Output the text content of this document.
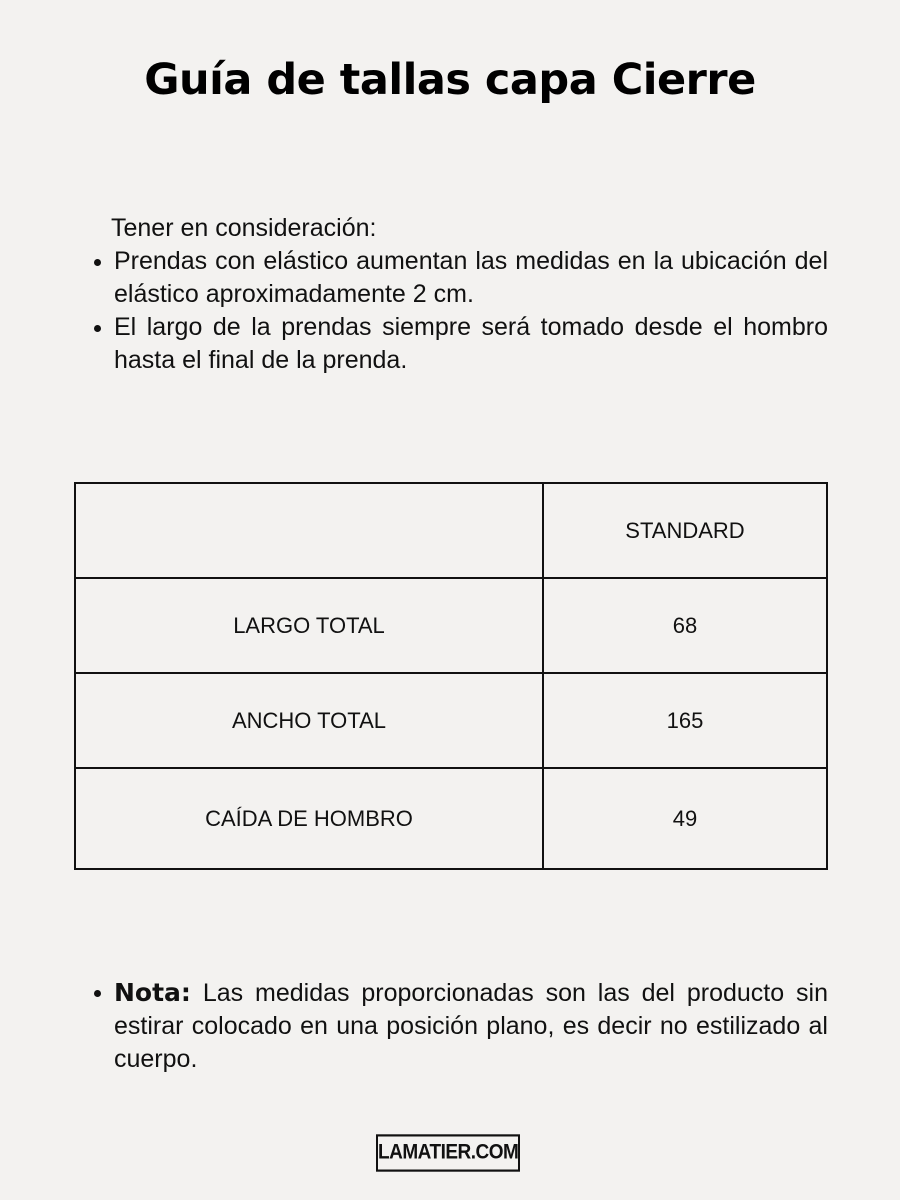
Guía de tallas capa Cierre
Tener en consideración:
Prendas con elástico aumentan las medidas en la ubicación del elástico aproximadamente 2 cm.
El largo de la prendas siempre será tomado desde el hombro hasta el final de la prenda.
	STANDARD
LARGO TOTAL	68
ANCHO TOTAL	165
CAÍDA DE HOMBRO	49
Nota: Las medidas proporcionadas son las del producto sin estirar colocado en una posición plano, es decir no estilizado al cuerpo.
LAMATIER.COM
